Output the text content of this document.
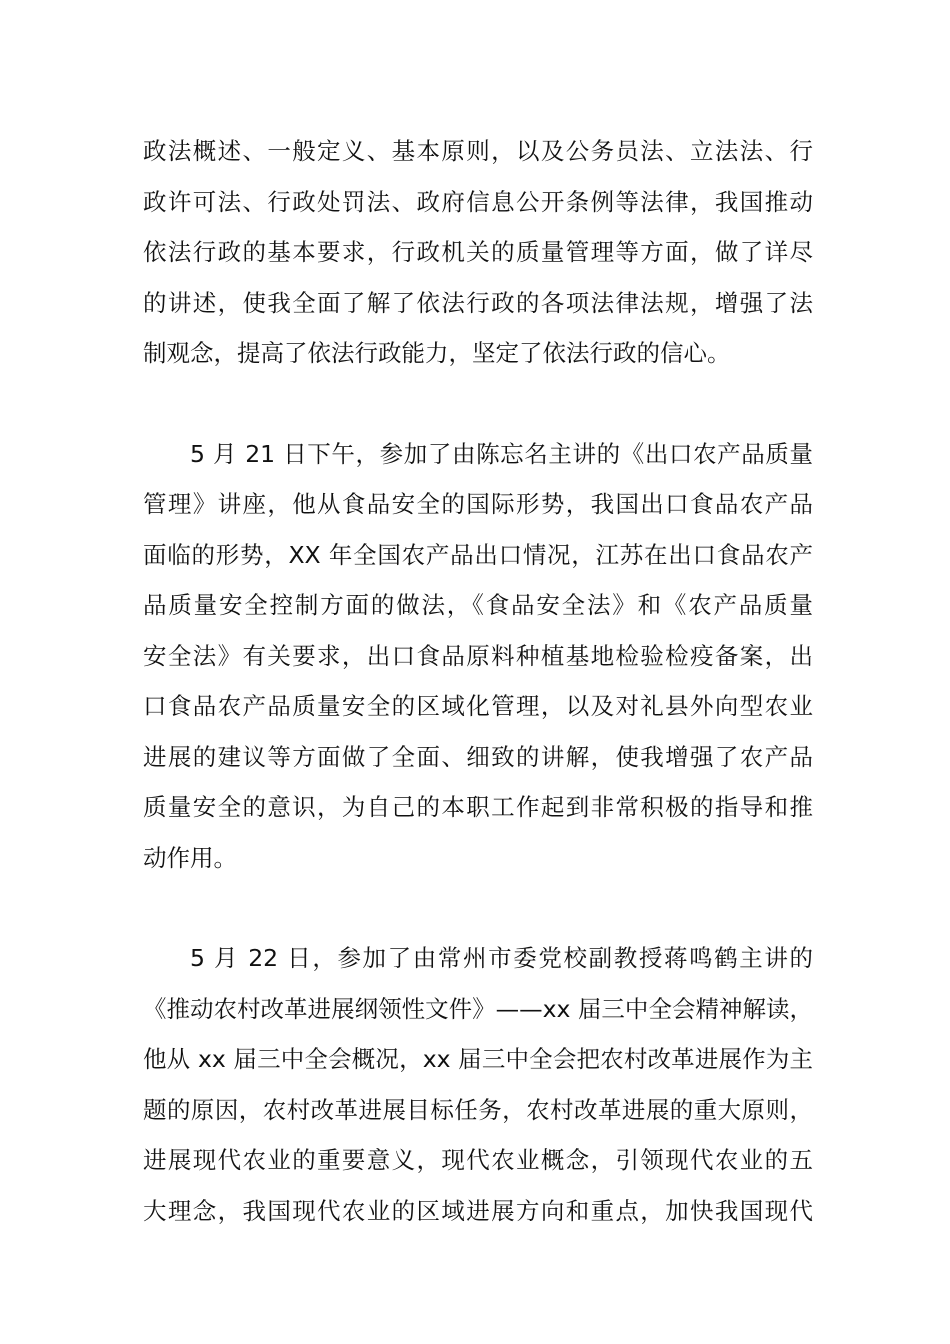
政法概述、一般定义、基本原则，以及公务员法、立法法、行
政许可法、行政处罚法、政府信息公开条例等法律，我国推动
依法行政的基本要求，行政机关的质量管理等方面，做了详尽
的讲述，使我全面了解了依法行政的各项法律法规，增强了法
制观念，提高了依法行政能力，坚定了依法行政的信心。

5 月 21 日下午，参加了由陈忘名主讲的《出口农产品质量
管理》讲座，他从食品安全的国际形势，我国出口食品农产品
面临的形势，XX 年全国农产品出口情况，江苏在出口食品农产
品质量安全控制方面的做法，《食品安全法》和《农产品质量
安全法》有关要求，出口食品原料种植基地检验检疫备案，出
口食品农产品质量安全的区域化管理，以及对礼县外向型农业
进展的建议等方面做了全面、细致的讲解，使我增强了农产品
质量安全的意识，为自己的本职工作起到非常积极的指导和推
动作用。

5 月 22 日，参加了由常州市委党校副教授蒋鸣鹤主讲的
《推动农村改革进展纲领性文件》——xx 届三中全会精神解读，
他从 xx 届三中全会概况，xx 届三中全会把农村改革进展作为主
题的原因，农村改革进展目标任务，农村改革进展的重大原则，
进展现代农业的重要意义，现代农业概念，引领现代农业的五
大理念，我国现代农业的区域进展方向和重点，加快我国现代
